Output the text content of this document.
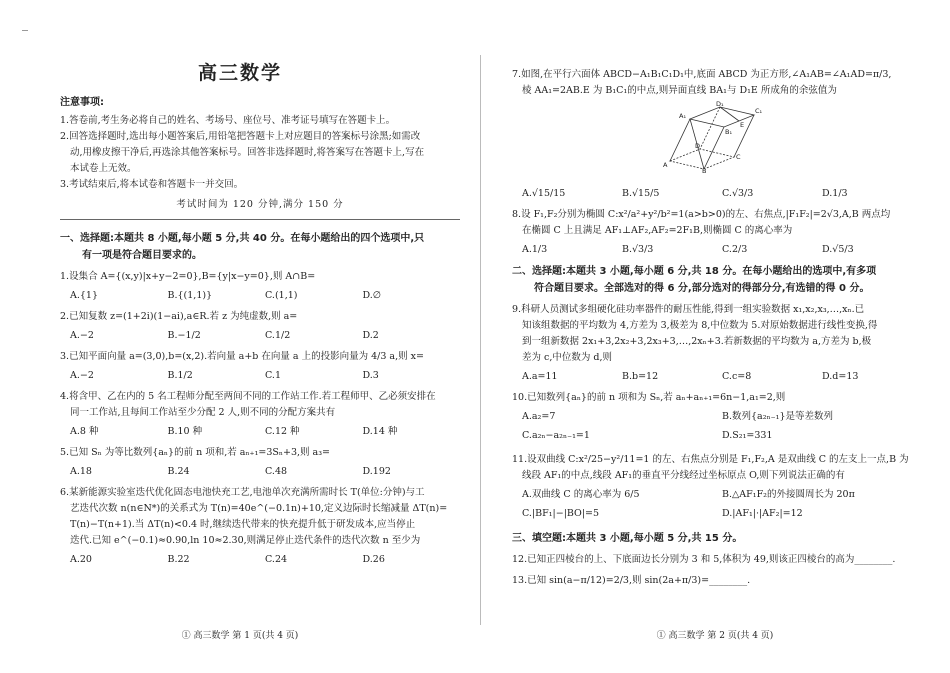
高三数学
注意事项:
1.答卷前,考生务必将自己的姓名、考场号、座位号、准考证号填写在答题卡上。
2.回答选择题时,选出每小题答案后,用铅笔把答题卡上对应题目的答案标号涂黑;如需改
动,用橡皮擦干净后,再选涂其他答案标号。回答非选择题时,将答案写在答题卡上,写在
本试卷上无效。
3.考试结束后,将本试卷和答题卡一并交回。
考试时间为 120 分钟,满分 150 分
一、选择题:本题共 8 小题,每小题 5 分,共 40 分。在每小题给出的四个选项中,只
有一项是符合题目要求的。
1.设集合 A={(x,y)|x+y−2=0},B={y|x−y=0},则 A∩B=
A.{1}	B.{(1,1)}	C.(1,1)	D.∅
2.已知复数 z=(1+2i)(1−ai),a∈R.若 z 为纯虚数,则 a=
A.−2	B.−1/2	C.1/2	D.2
3.已知平面向量 a=(3,0),b=(x,2).若向量 a+b 在向量 a 上的投影向量为 4/3 a,则 x=
A.−2	B.1/2	C.1	D.3
4.将含甲、乙在内的 5 名工程师分配至两间不同的工作站工作.若工程师甲、乙必须安排在
同一工作站,且每间工作站至少分配 2 人,则不同的分配方案共有
A.8 种	B.10 种	C.12 种	D.14 种
5.已知 Sₙ 为等比数列{aₙ}的前 n 项和,若 aₙ₊₁=3Sₙ+3,则 a₃=
A.18	B.24	C.48	D.192
6.某新能源实验室迭代优化固态电池快充工艺,电池单次充满所需时长 T(单位:分钟)与工
艺迭代次数 n(n∈N*)的关系式为 T(n)=40e^(−0.1n)+10,定义边际时长缩减量 ΔT(n)=
T(n)−T(n+1).当 ΔT(n)<0.4 时,继续迭代带来的快充提升低于研发成本,应当停止
迭代.已知 e^(−0.1)≈0.90,ln 10≈2.30,则满足停止迭代条件的迭代次数 n 至少为
A.20	B.22	C.24	D.26
① 高三数学 第 1 页(共 4 页)
7.如图,在平行六面体 ABCD−A₁B₁C₁D₁中,底面 ABCD 为正方形,∠A₁AB=∠A₁AD=π/3,
棱 AA₁=2AB.E 为 B₁C₁的中点,则异面直线 BA₁与 D₁E 所成角的余弦值为
D₁
C₁
A₁
B₁
E
D
C
A
B
A.√15/15	B.√15/5	C.√3/3	D.1/3
8.设 F₁,F₂分别为椭圆 C:x²/a²+y²/b²=1(a>b>0)的左、右焦点,|F₁F₂|=2√3,A,B 两点均
在椭圆 C 上且满足 AF₁⊥AF₂,AF₂=2F₁B,则椭圆 C 的离心率为
A.1/3	B.√3/3	C.2/3	D.√5/3
二、选择题:本题共 3 小题,每小题 6 分,共 18 分。在每小题给出的选项中,有多项
符合题目要求。全部选对的得 6 分,部分选对的得部分分,有选错的得 0 分。
9.科研人员测试多组硬化硅功率器件的耐压性能,得到一组实验数据 x₁,x₂,x₃,…,xₙ.已
知该组数据的平均数为 4,方差为 3,极差为 8,中位数为 5.对原始数据进行线性变换,得
到一组新数据 2x₁+3,2x₂+3,2x₃+3,…,2xₙ+3.若新数据的平均数为 a,方差为 b,极
差为 c,中位数为 d,则
A.a=11	B.b=12	C.c=8	D.d=13
10.已知数列{aₙ}的前 n 项和为 Sₙ,若 aₙ+aₙ₊₁=6n−1,a₁=2,则
A.a₂=7	B.数列{a₂ₙ₋₁}是等差数列
C.a₂ₙ−a₂ₙ₋₁=1	D.S₂₁=331
11.设双曲线 C:x²/25−y²/11=1 的左、右焦点分别是 F₁,F₂,A 是双曲线 C 的左支上一点,B 为
线段 AF₁的中点,线段 AF₁的垂直平分线经过坐标原点 O,则下列说法正确的有
A.双曲线 C 的离心率为 6/5	B.△AF₁F₂的外接圆周长为 20π
C.|BF₁|−|BO|=5	D.|AF₁|·|AF₂|=12
三、填空题:本题共 3 小题,每小题 5 分,共 15 分。
12.已知正四棱台的上、下底面边长分别为 3 和 5,体积为 49,则该正四棱台的高为________.
13.已知 sin(a−π/12)=2/3,则 sin(2a+π/3)=________.
① 高三数学 第 2 页(共 4 页)
